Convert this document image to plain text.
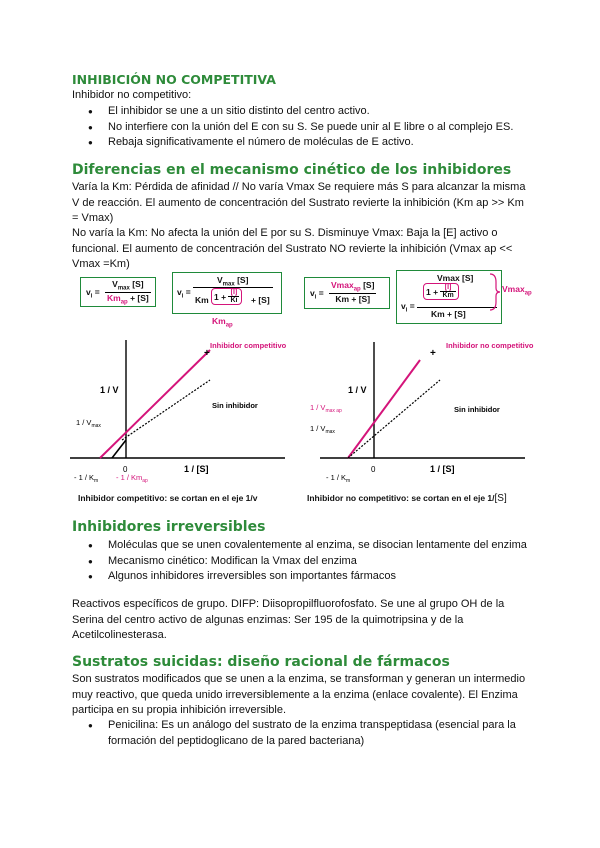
INHIBICIÓN NO COMPETITIVA

Inhibidor no competitivo:

● El inhibidor se une a un sitio distinto del centro activo.
● No interfiere con la unión del E con su S. Se puede unir al E libre o al complejo ES.
● Rebaja significativamente el número de moléculas de E activo.
Diferencias en el mecanismo cinético de los inhibidores

Varía la Km: Pérdida de afinidad // No varía Vmax Se requiere más S para alcanzar la misma V de reacción. El aumento de concentración del Sustrato revierte la inhibición (Km ap >> Km = Vmax)

No varía la Km: No afecta la unión del E por su S. Disminuye Vmax: Baja la [E] activo o funcional. El aumento de concentración del Sustrato NO revierte la inhibición (Vmax ap << Vmax =Km)

$v_i$ =
$V_{max}$ [S]
$Km_{ap} + [S]$
$v_i$ =
$V_{max}$ [S]
Km $1 + \frac{[I]}{Ki} + [S]$
$Km_{ap}$
$v_i$ =
Vmax$_{ap}$ [S]
Km + [S]
$v_i$ =
Vmax [S]
$1 + \frac{[I]}{Km}$
Km + [S]
Vmax$_{ap}$
1 / V
1 / [S]
0
Inhibidor competitivo
+
Sin inhibidor
$1 / V_{max}$
- $1 / K_m - 1 / Km_{ap}$
Inhibidor competitivo: se cortan en el eje 1/v
1 / V
1 / [S]
0
Inhibidor no competitivo
+
Sin inhibidor
$1 / V_{max ap}$
$1 / V_{max}$
- $1 / K_m$
Inhibidor no competitivo: se cortan en el eje 1/[S]
Inhibidores irreversibles
● Moléculas que se unen covalentemente al enzima, se disocian lentamente del enzima
● Mecanismo cinético: Modifican la Vmax del enzima
● Algunos inhibidores irreversibles son importantes fármacos

Reactivos específicos de grupo. DIFP: Diisopropilfluorofosfato. Se une al grupo OH de la Serina del centro activo de algunas enzimas: Ser 195 de la quimotripsina y de la Acetilcolinesterasa.

Sustratos suicidas: diseño racional de fármacos

Son sustratos modificados que se unen a la enzima, se transforman y generan un intermedio muy reactivo, que queda unido irreversiblemente a la enzima (enlace covalente). El Enzima participa en su propia inhibición irreversible.

● Penicilina: Es un análogo del sustrato de la enzima transpeptidasa (esencial para la formación del peptidoglicano de la pared bacteriana)
